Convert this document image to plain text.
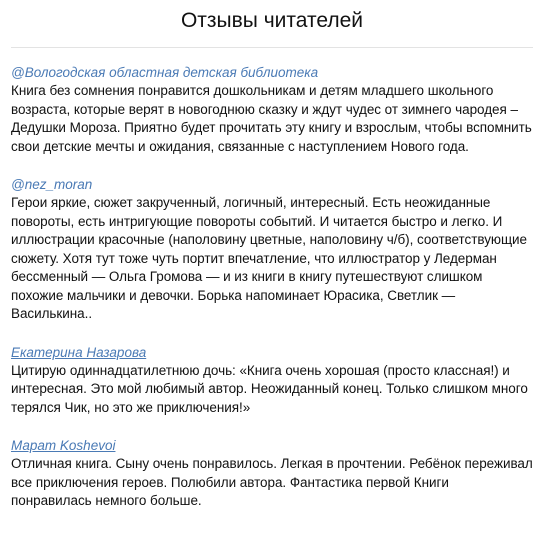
Отзывы читателей
@Вологодская областная детская библиотека

Книга без сомнения понравится дошкольникам и детям младшего школьного возраста, которые верят в новогоднюю сказку и ждут чудес от зимнего чародея – Дедушки Мороза. Приятно будет прочитать эту книгу и взрослым, чтобы вспомнить свои детские мечты и ожидания, связанные с наступлением Нового года.

@nez_moran

Герои яркие, сюжет закрученный, логичный, интересный. Есть неожиданные повороты, есть интригующие повороты событий. И читается быстро и легко. И иллюстрации красочные (наполовину цветные, наполовину ч/б), соответствующие сюжету. Хотя тут тоже чуть портит впечатление, что иллюстратор у Ледерман бессменный — Ольга Громова — и из книги в книгу путешествуют слишком похожие мальчики и девочки. Борька напоминает Юрасика, Светлик — Василькина..

Екатерина Назарова

Цитирую одиннадцатилетнюю дочь: «Книга очень хорошая (просто классная!) и интересная. Это мой любимый автор. Неожиданный конец. Только слишком много терялся Чик, но это же приключения!»

Марат Koshevoi

Отличная книга. Сыну очень понравилось. Легкая в прочтении. Ребёнок переживал все приключения героев. Полюбили автора. Фантастика первой Книги понравилась немного больше.
